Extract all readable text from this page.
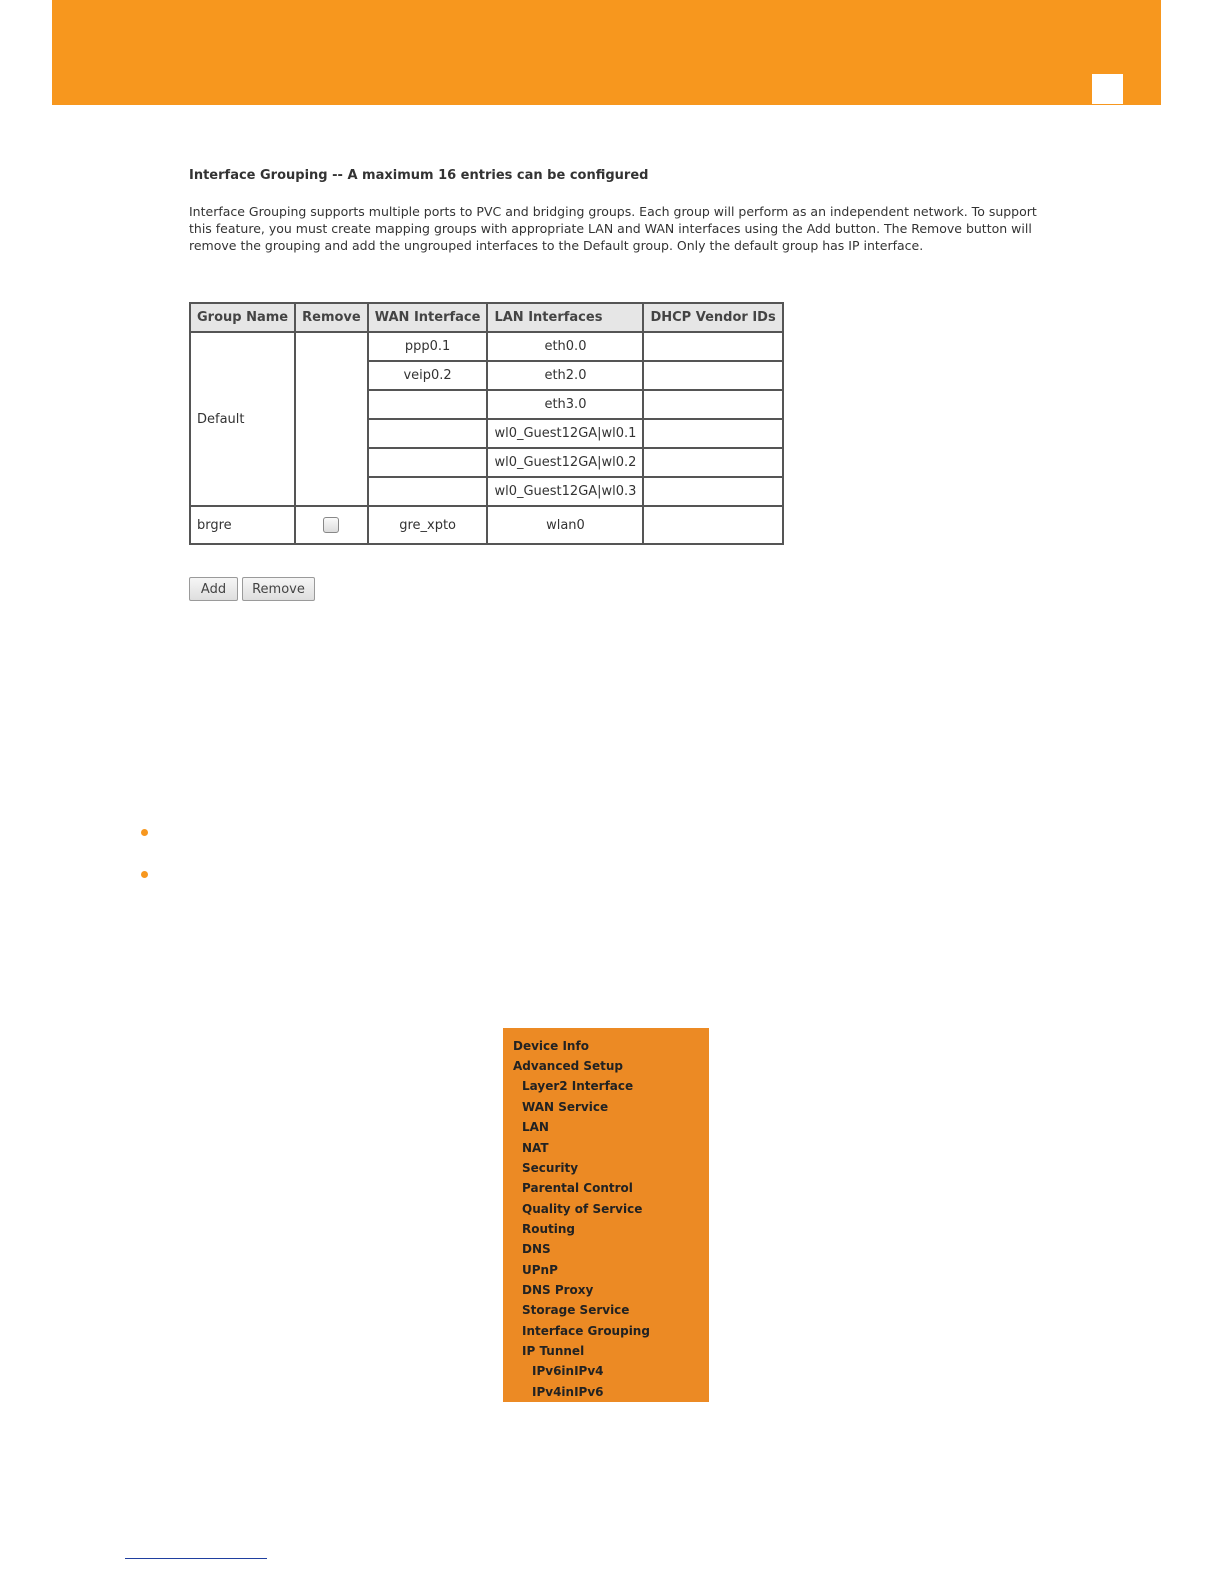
Interface Grouping -- A maximum 16 entries can be configured
Interface Grouping supports multiple ports to PVC and bridging groups. Each group will perform as an independent network. To support this feature, you must create mapping groups with appropriate LAN and WAN interfaces using the Add button. The Remove button will remove the grouping and add the ungrouped interfaces to the Default group. Only the default group has IP interface.
Group Name	Remove	WAN Interface	LAN Interfaces	DHCP Vendor IDs
Default		ppp0.1	eth0.0	
		veip0.2	eth2.0	
			eth3.0	
			wl0_Guest12GA|wl0.1	
			wl0_Guest12GA|wl0.2	
			wl0_Guest12GA|wl0.3	
brgre		gre_xpto	wlan0	
Add	Remove
Device Info
Advanced Setup
Layer2 Interface
WAN Service
LAN
NAT
Security
Parental Control
Quality of Service
Routing
DNS
UPnP
DNS Proxy
Storage Service
Interface Grouping
IP Tunnel
IPv6inIPv4
IPv4inIPv6
